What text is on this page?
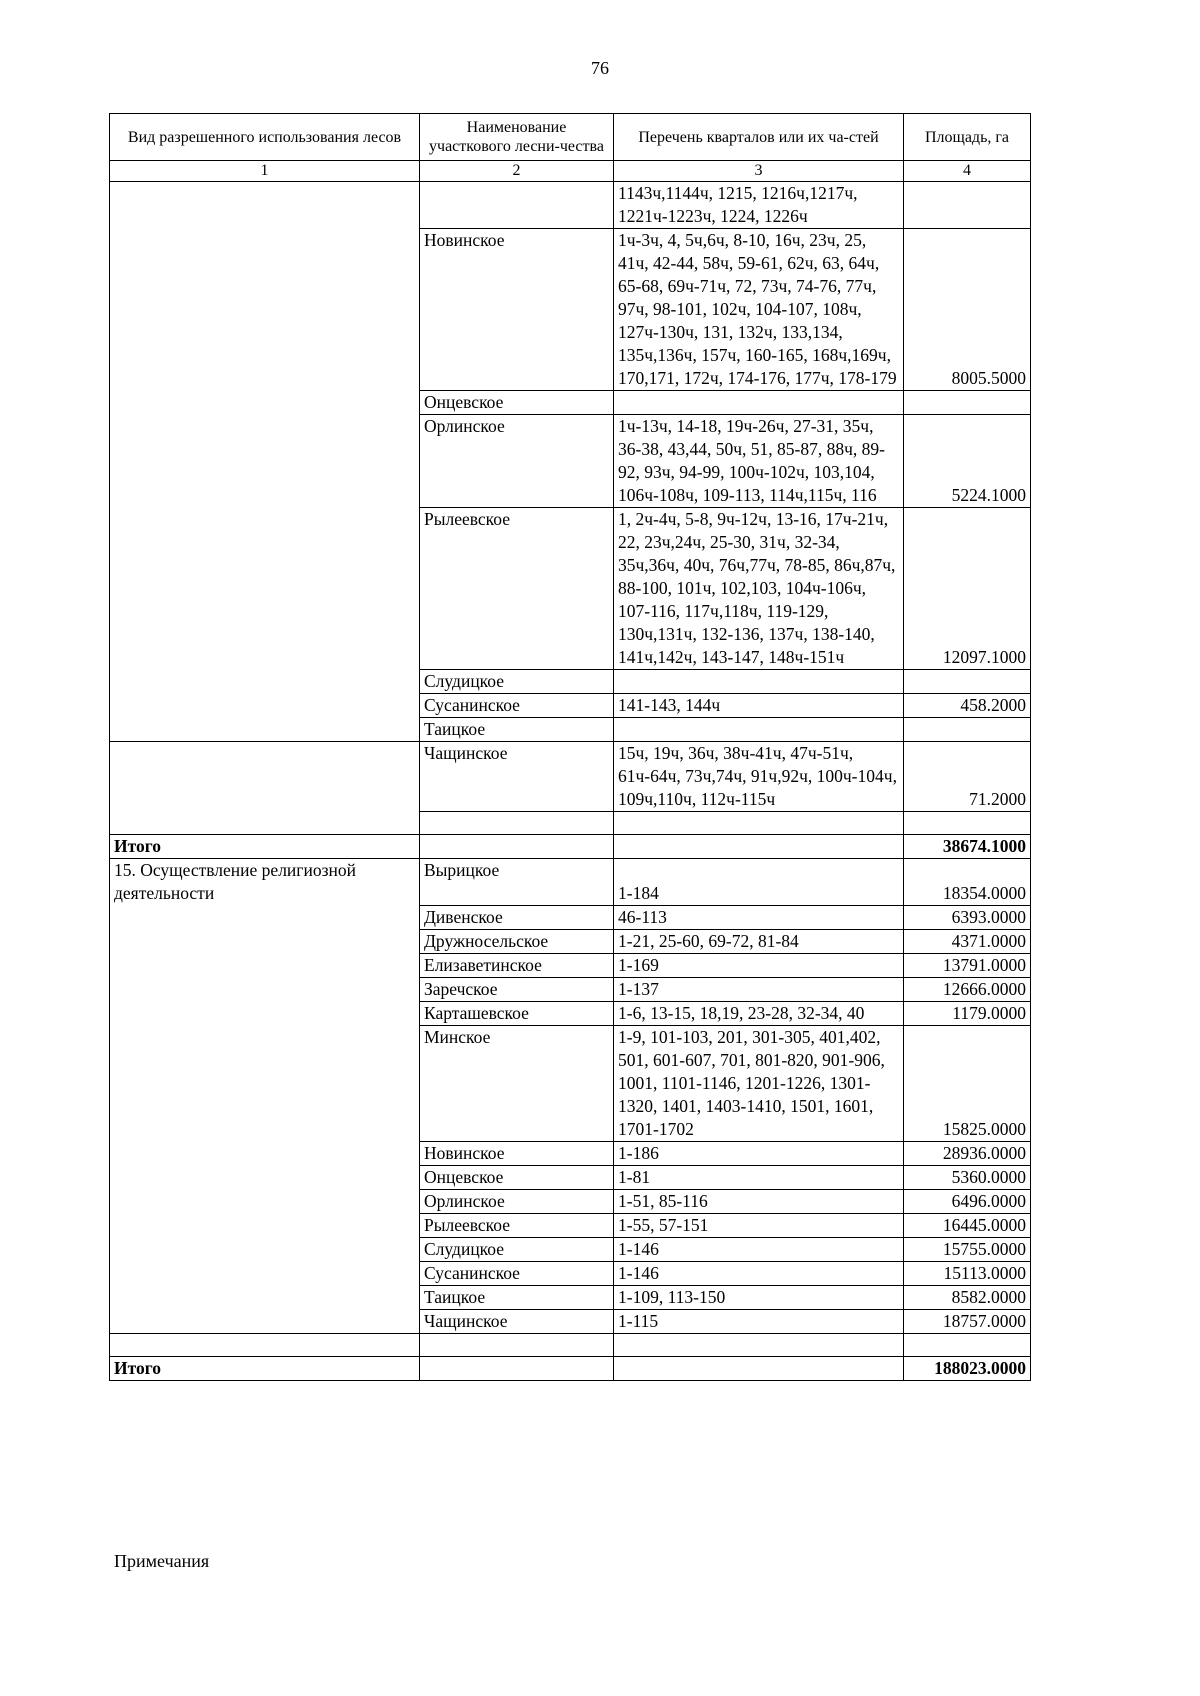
76
Вид разрешенного использования лесов	Наименование участкового лесни-чества	Перечень кварталов или их ча-стей	Площадь, га
1	2	3	4
		1143ч,1144ч, 1215, 1216ч,1217ч, 1221ч-1223ч, 1224, 1226ч	
	Новинское	1ч-3ч, 4, 5ч,6ч, 8-10, 16ч, 23ч, 25, 41ч, 42-44, 58ч, 59-61, 62ч, 63, 64ч, 65-68, 69ч-71ч, 72, 73ч, 74-76, 77ч, 97ч, 98-101, 102ч, 104-107, 108ч, 127ч-130ч, 131, 132ч, 133,134, 135ч,136ч, 157ч, 160-165, 168ч,169ч, 170,171, 172ч, 174-176, 177ч, 178-179	8005.5000
	Онцевское		
	Орлинское	1ч-13ч, 14-18, 19ч-26ч, 27-31, 35ч, 36-38, 43,44, 50ч, 51, 85-87, 88ч, 89-92, 93ч, 94-99, 100ч-102ч, 103,104, 106ч-108ч, 109-113, 114ч,115ч, 116	5224.1000
	Рылеевское	1, 2ч-4ч, 5-8, 9ч-12ч, 13-16, 17ч-21ч, 22, 23ч,24ч, 25-30, 31ч, 32-34, 35ч,36ч, 40ч, 76ч,77ч, 78-85, 86ч,87ч, 88-100, 101ч, 102,103, 104ч-106ч, 107-116, 117ч,118ч, 119-129, 130ч,131ч, 132-136, 137ч, 138-140, 141ч,142ч, 143-147, 148ч-151ч	12097.1000
	Слудицкое		
	Сусанинское	141-143, 144ч	458.2000
	Таицкое		
	Чащинское	15ч, 19ч, 36ч, 38ч-41ч, 47ч-51ч, 61ч-64ч, 73ч,74ч, 91ч,92ч, 100ч-104ч, 109ч,110ч, 112ч-115ч	71.2000

Итого			38674.1000
15. Осуществление религиозной деятельности	Вырицкое	1-184	18354.0000
	Дивенское	46-113	6393.0000
	Дружносельское	1-21, 25-60, 69-72, 81-84	4371.0000
	Елизаветинское	1-169	13791.0000
	Заречское	1-137	12666.0000
	Карташевское	1-6, 13-15, 18,19, 23-28, 32-34, 40	1179.0000
	Минское	1-9, 101-103, 201, 301-305, 401,402, 501, 601-607, 701, 801-820, 901-906, 1001, 1101-1146, 1201-1226, 1301-1320, 1401, 1403-1410, 1501, 1601, 1701-1702	15825.0000
	Новинское	1-186	28936.0000
	Онцевское	1-81	5360.0000
	Орлинское	1-51, 85-116	6496.0000
	Рылеевское	1-55, 57-151	16445.0000
	Слудицкое	1-146	15755.0000
	Сусанинское	1-146	15113.0000
	Таицкое	1-109, 113-150	8582.0000
	Чащинское	1-115	18757.0000

Итого			188023.0000
Примечания
